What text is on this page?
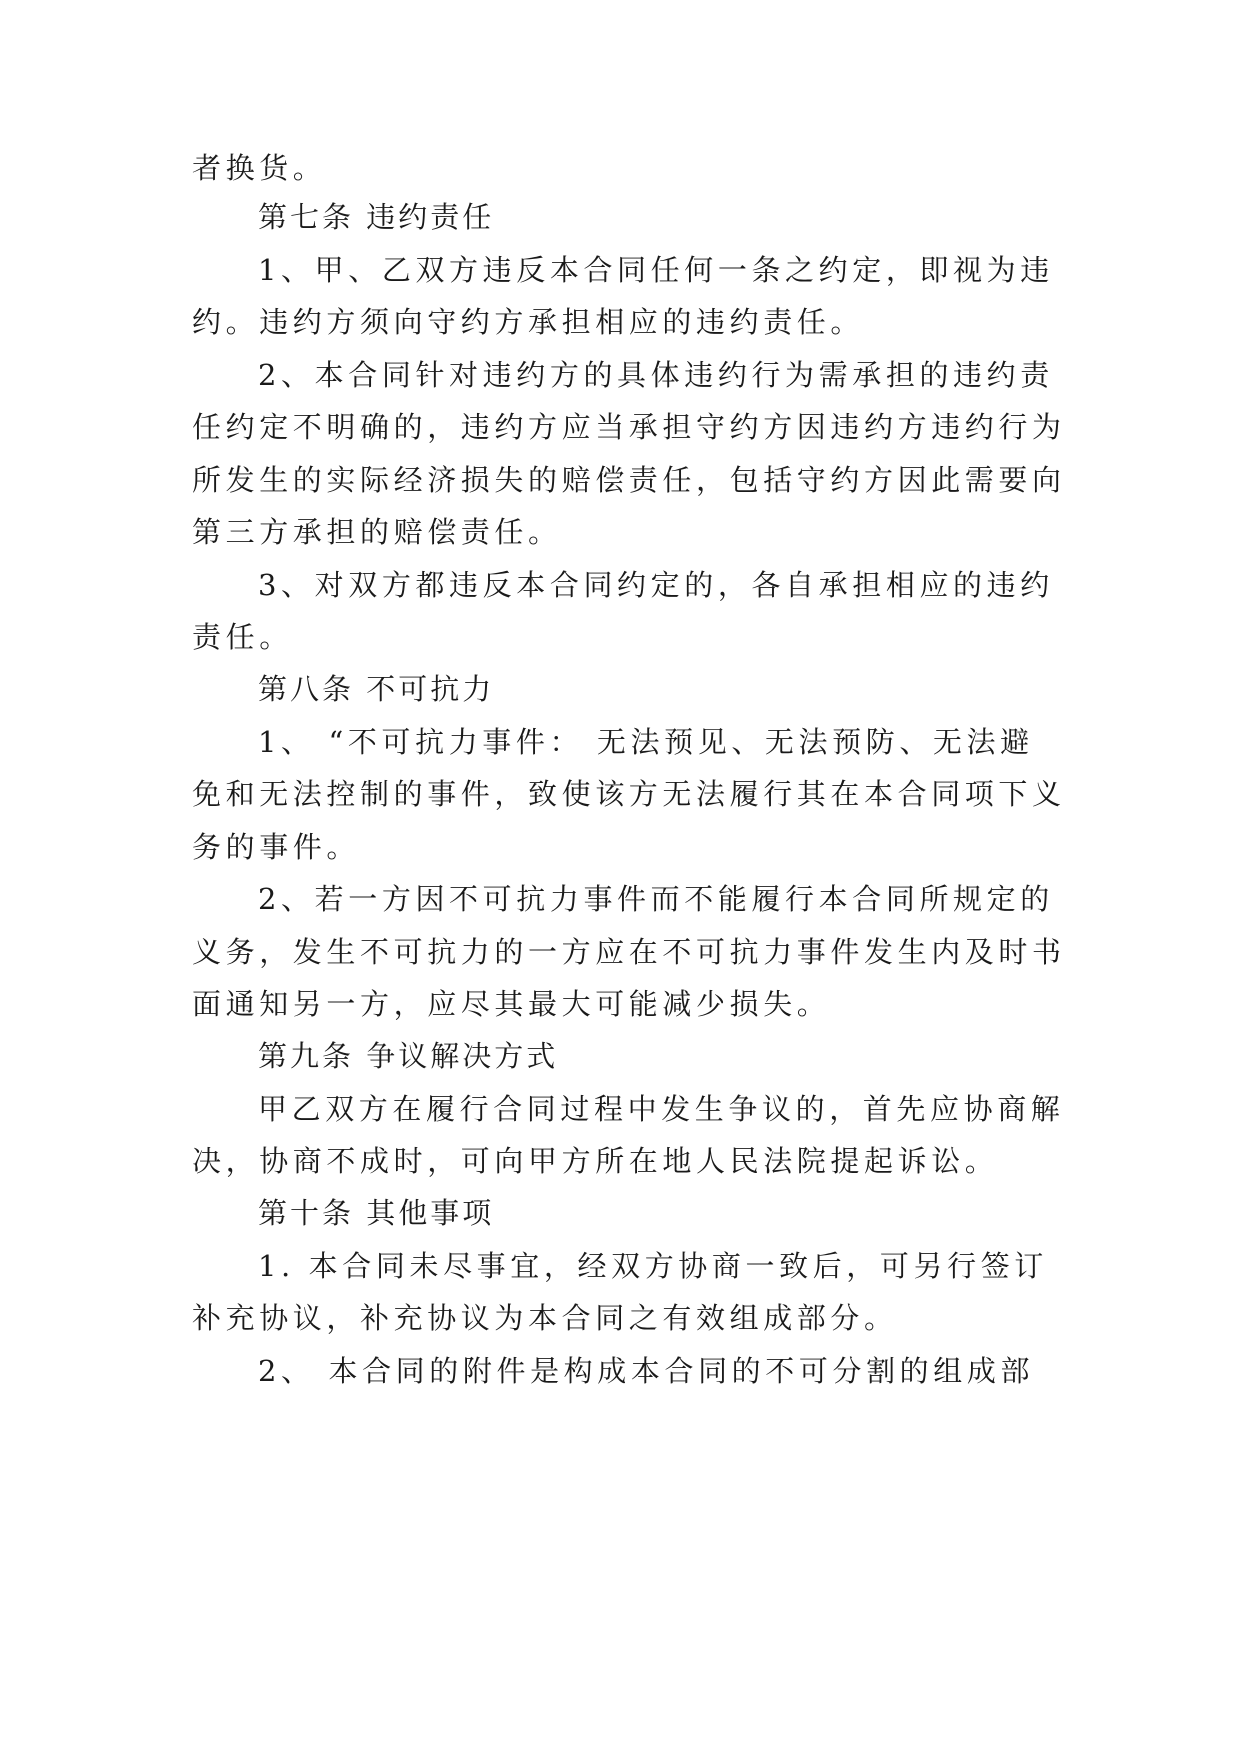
者换货。
第七条 违约责任
1、甲、乙双方违反本合同任何一条之约定，即视为违
约。违约方须向守约方承担相应的违约责任。
2、本合同针对违约方的具体违约行为需承担的违约责
任约定不明确的，违约方应当承担守约方因违约方违约行为
所发生的实际经济损失的赔偿责任，包括守约方因此需要向
第三方承担的赔偿责任。
3、对双方都违反本合同约定的，各自承担相应的违约
责任。
第八条 不可抗力
1、 “不可抗力事件： 无法预见、无法预防、无法避
免和无法控制的事件，致使该方无法履行其在本合同项下义
务的事件。
2、若一方因不可抗力事件而不能履行本合同所规定的
义务，发生不可抗力的一方应在不可抗力事件发生内及时书
面通知另一方，应尽其最大可能减少损失。
第九条 争议解决方式
甲乙双方在履行合同过程中发生争议的，首先应协商解
决，协商不成时，可向甲方所在地人民法院提起诉讼。
第十条 其他事项
1. 本合同未尽事宜，经双方协商一致后，可另行签订
补充协议，补充协议为本合同之有效组成部分。
2、 本合同的附件是构成本合同的不可分割的组成部
